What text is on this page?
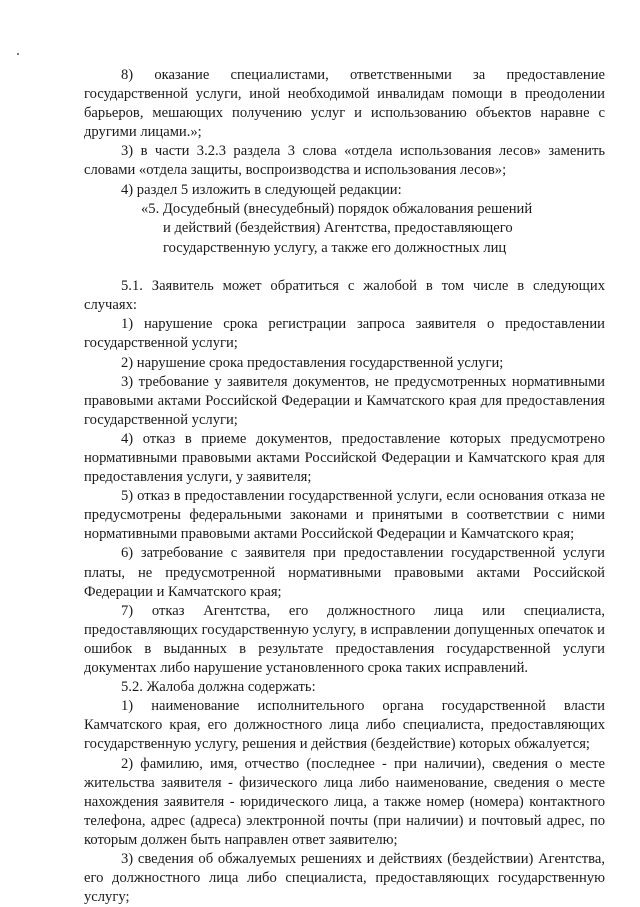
8) оказание специалистами, ответственными за предоставление государственной услуги, иной необходимой инвалидам помощи в преодолении барьеров, мешающих получению услуг и использованию объектов наравне с другими лицами.»;

3) в части 3.2.3 раздела 3 слова «отдела использования лесов» заменить словами «отдела защиты, воспроизводства и использования лесов»;

4) раздел 5 изложить в следующей редакции:

«5. Досудебный (внесудебный) порядок обжалования решений
и действий (бездействия) Агентства, предоставляющего
государственную услугу, а также его должностных лиц

5.1. Заявитель может обратиться с жалобой в том числе в следующих случаях:

1) нарушение срока регистрации запроса заявителя о предоставлении государственной услуги;

2) нарушение срока предоставления государственной услуги;

3) требование у заявителя документов, не предусмотренных нормативными правовыми актами Российской Федерации и Камчатского края для предоставления государственной услуги;

4) отказ в приеме документов, предоставление которых предусмотрено нормативными правовыми актами Российской Федерации и Камчатского края для предоставления услуги, у заявителя;

5) отказ в предоставлении государственной услуги, если основания отказа не предусмотрены федеральными законами и принятыми в соответствии с ними нормативными правовыми актами Российской Федерации и Камчатского края;

6) затребование с заявителя при предоставлении государственной услуги платы, не предусмотренной нормативными правовыми актами Российской Федерации и Камчатского края;

7) отказ Агентства, его должностного лица или специалиста, предоставляющих государственную услугу, в исправлении допущенных опечаток и ошибок в выданных в результате предоставления государственной услуги документах либо нарушение установленного срока таких исправлений.

5.2. Жалоба должна содержать:

1) наименование исполнительного органа государственной власти Камчатского края, его должностного лица либо специалиста, предоставляющих государственную услугу, решения и действия (бездействие) которых обжалуется;

2) фамилию, имя, отчество (последнее - при наличии), сведения о месте жительства заявителя - физического лица либо наименование, сведения о месте нахождения заявителя - юридического лица, а также номер (номера) контактного телефона, адрес (адреса) электронной почты (при наличии) и почтовый адрес, по которым должен быть направлен ответ заявителю;

3) сведения об обжалуемых решениях и действиях (бездействии) Агентства, его должностного лица либо специалиста, предоставляющих государственную услугу;
